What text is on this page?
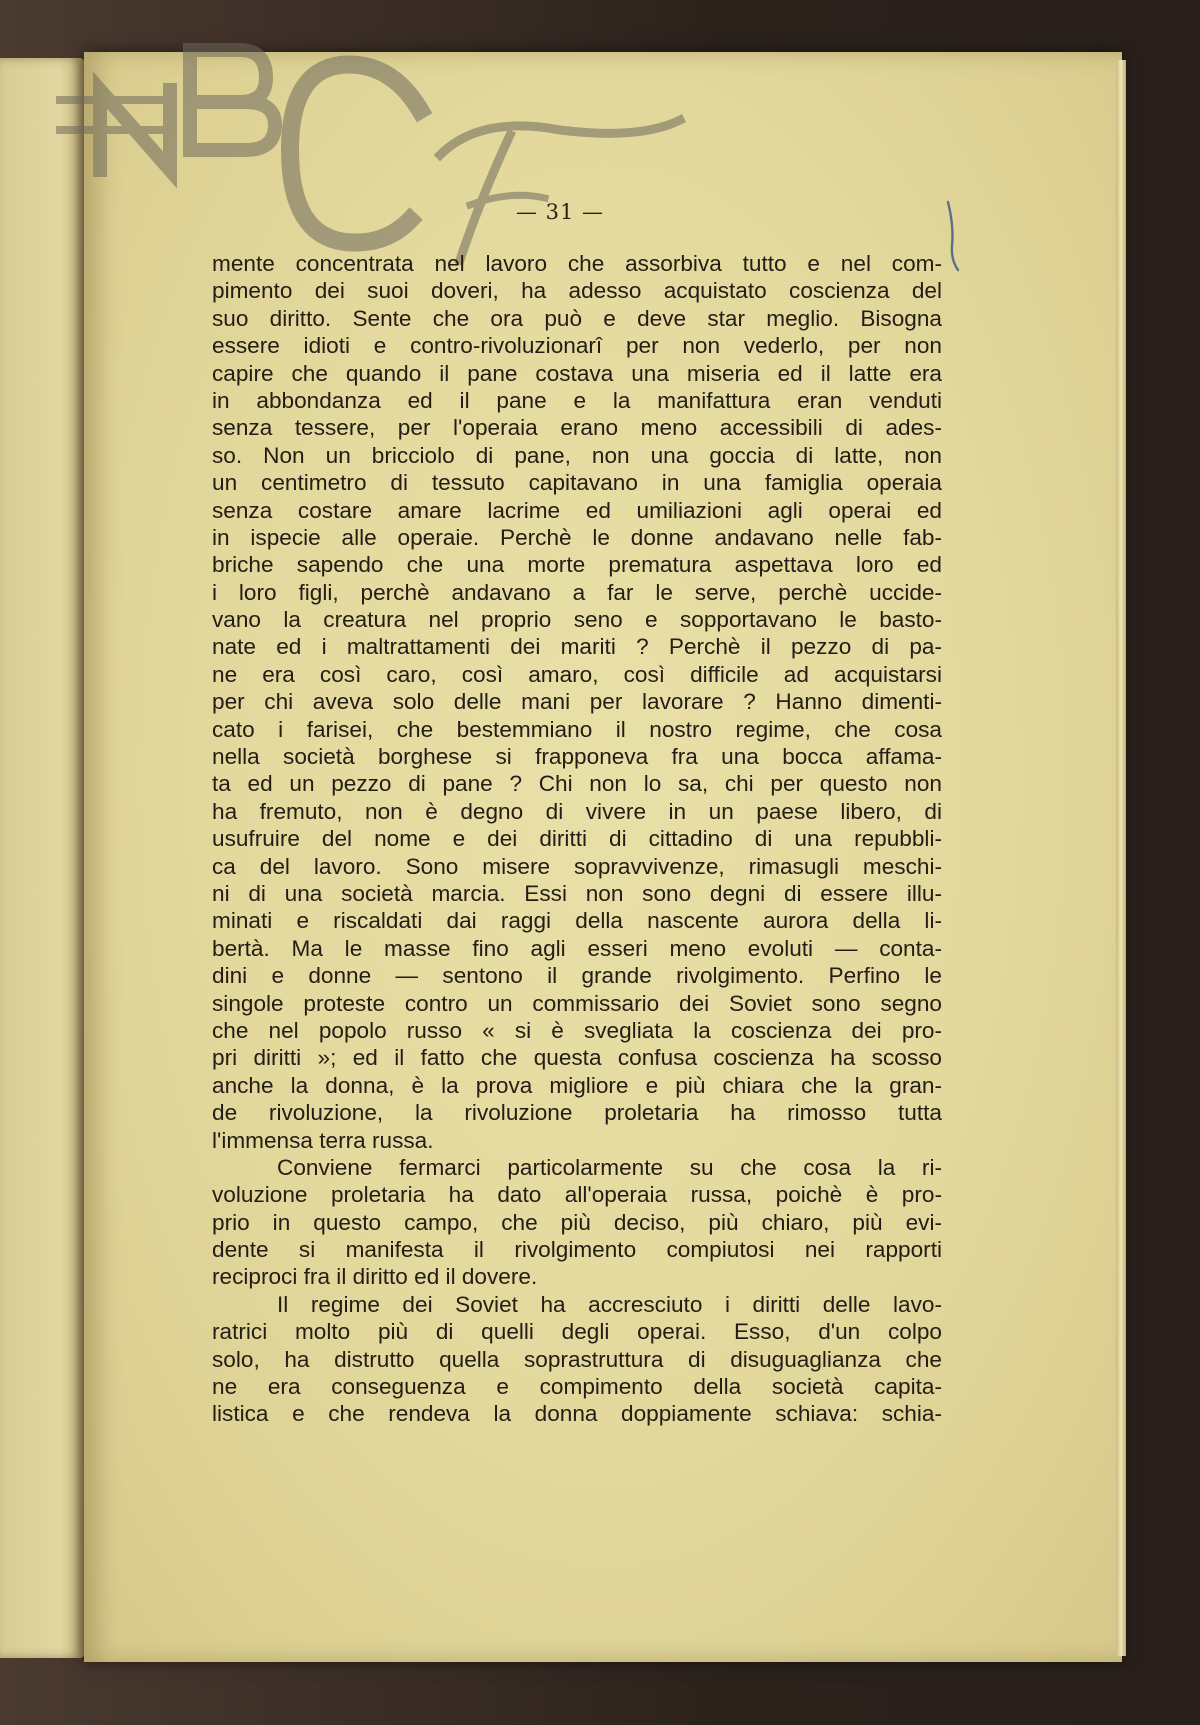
— 31 —
mente concentrata nel lavoro che assorbiva tutto e nel com-
pimento dei suoi doveri, ha adesso acquistato coscienza del
suo diritto. Sente che ora può e deve star meglio. Bisogna
essere idioti e contro-rivoluzionarî per non vederlo, per non
capire che quando il pane costava una miseria ed il latte era
in abbondanza ed il pane e la manifattura eran venduti
senza tessere, per l'operaia erano meno accessibili di ades-
so. Non un bricciolo di pane, non una goccia di latte, non
un centimetro di tessuto capitavano in una famiglia operaia
senza costare amare lacrime ed umiliazioni agli operai ed
in ispecie alle operaie. Perchè le donne andavano nelle fab-
briche sapendo che una morte prematura aspettava loro ed
i loro figli, perchè andavano a far le serve, perchè uccide-
vano la creatura nel proprio seno e sopportavano le basto-
nate ed i maltrattamenti dei mariti ? Perchè il pezzo di pa-
ne era così caro, così amaro, così difficile ad acquistarsi
per chi aveva solo delle mani per lavorare ? Hanno dimenti-
cato i farisei, che bestemmiano il nostro regime, che cosa
nella società borghese si frapponeva fra una bocca affama-
ta ed un pezzo di pane ? Chi non lo sa, chi per questo non
ha fremuto, non è degno di vivere in un paese libero, di
usufruire del nome e dei diritti di cittadino di una repubbli-
ca del lavoro. Sono misere sopravvivenze, rimasugli meschi-
ni di una società marcia. Essi non sono degni di essere illu-
minati e riscaldati dai raggi della nascente aurora della li-
bertà. Ma le masse fino agli esseri meno evoluti — conta-
dini e donne — sentono il grande rivolgimento. Perfino le
singole proteste contro un commissario dei Soviet sono segno
che nel popolo russo « si è svegliata la coscienza dei pro-
pri diritti »; ed il fatto che questa confusa coscienza ha scosso
anche la donna, è la prova migliore e più chiara che la gran-
de rivoluzione, la rivoluzione proletaria ha rimosso tutta
l'immensa terra russa.
Conviene fermarci particolarmente su che cosa la ri-
voluzione proletaria ha dato all'operaia russa, poichè è pro-
prio in questo campo, che più deciso, più chiaro, più evi-
dente si manifesta il rivolgimento compiutosi nei rapporti
reciproci fra il diritto ed il dovere.
Il regime dei Soviet ha accresciuto i diritti delle lavo-
ratrici molto più di quelli degli operai. Esso, d'un colpo
solo, ha distrutto quella soprastruttura di disuguaglianza che
ne era conseguenza e compimento della società capita-
listica e che rendeva la donna doppiamente schiava: schia-
